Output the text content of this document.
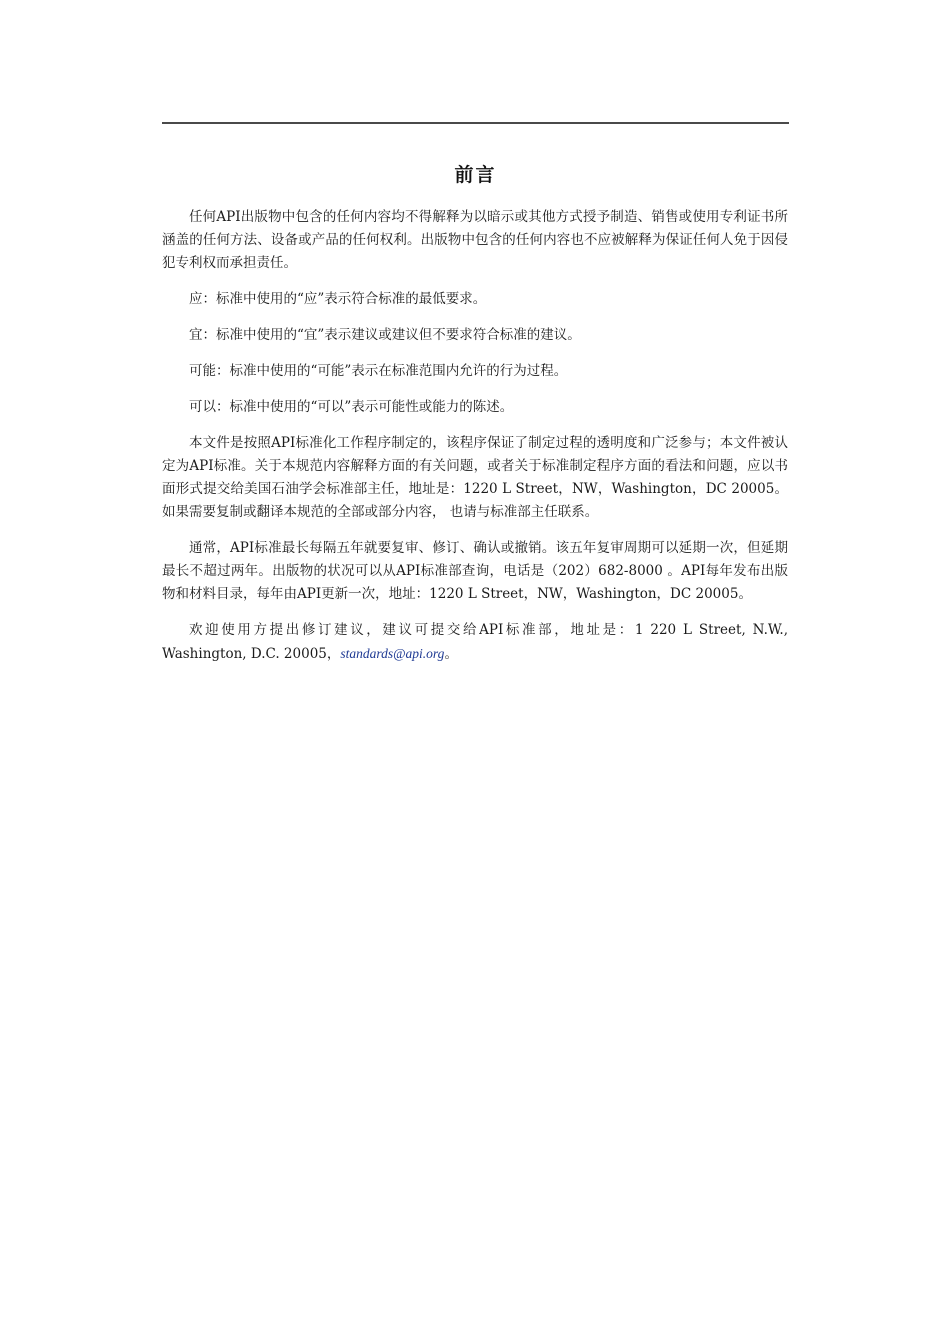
前言

任何API出版物中包含的任何内容均不得解释为以暗示或其他方式授予制造、销售或使用专利证书所涵盖的任何方法、设备或产品的任何权利。出版物中包含的任何内容也不应被解释为保证任何人免于因侵犯专利权而承担责任。

应：标准中使用的“应”表示符合标准的最低要求。

宜：标准中使用的“宜”表示建议或建议但不要求符合标准的建议。

可能：标准中使用的“可能”表示在标准范围内允许的行为过程。

可以：标准中使用的“可以”表示可能性或能力的陈述。

本文件是按照API标准化工作程序制定的，该程序保证了制定过程的透明度和广泛参与；本文件被认定为API标准。关于本规范内容解释方面的有关问题，或者关于标准制定程序方面的看法和问题，应以书面形式提交给美国石油学会标准部主任，地址是：1220 L Street，NW，Washington，DC 20005。如果需要复制或翻译本规范的全部或部分内容， 也请与标准部主任联系。

通常，API标准最长每隔五年就要复审、修订、确认或撤销。该五年复审周期可以延期一次，但延期最长不超过两年。出版物的状况可以从API标准部查询，电话是（202）682-8000 。API每年发布出版物和材料目录，每年由API更新一次，地址：1220 L Street，NW，Washington，DC 20005。

欢迎使用方提出修订建议，建议可提交给API标准部，地址是：1 220 L Street, N.W., Washington, D.C. 20005，standards@api.org。
